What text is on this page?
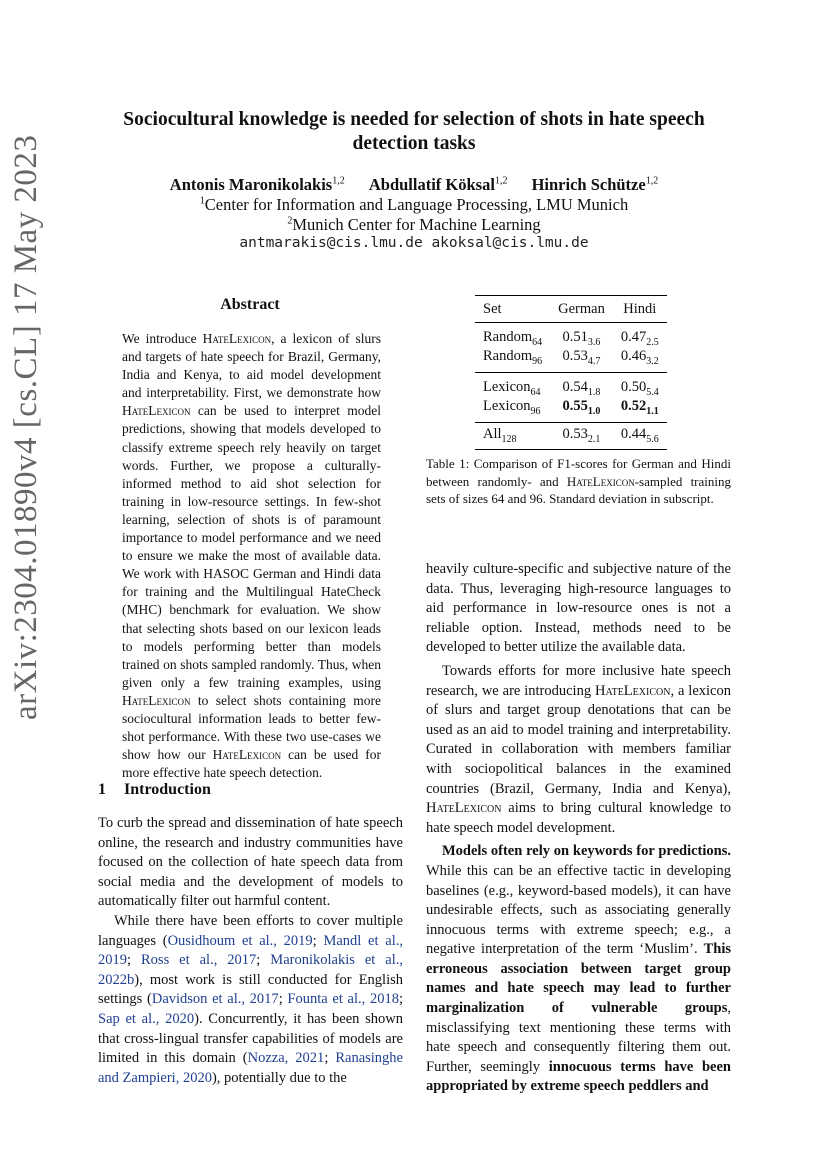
arXiv:2304.01890v4 [cs.CL] 17 May 2023
Sociocultural knowledge is needed for selection of shots in hate speech detection tasks
Antonis Maronikolakis$^{1,2}$ Abdullatif Köksal$^{1,2}$ Hinrich Schütze$^{1,2}$
$^1$Center for Information and Language Processing, LMU Munich
$^2$Munich Center for Machine Learning
antmarakis@cis.lmu.de akoksal@cis.lmu.de
Abstract
We introduce HateLexicon, a lexicon of slurs and targets of hate speech for Brazil, Germany, India and Kenya, to aid model development and interpretability. First, we demonstrate how HateLexicon can be used to interpret model predictions, showing that models developed to classify extreme speech rely heavily on target words. Further, we propose a culturally-informed method to aid shot selection for training in low-resource settings. In few-shot learning, selection of shots is of paramount importance to model performance and we need to ensure we make the most of available data. We work with HASOC German and Hindi data for training and the Multilingual HateCheck (MHC) benchmark for evaluation. We show that selecting shots based on our lexicon leads to models performing better than models trained on shots sampled randomly. Thus, when given only a few training examples, using HateLexicon to select shots containing more sociocultural information leads to better few-shot performance. With these two use-cases we show how our HateLexicon can be used for more effective hate speech detection.
1 Introduction

To curb the spread and dissemination of hate speech online, the research and industry communities have focused on the collection of hate speech data from social media and the development of models to automatically filter out harmful content.

While there have been efforts to cover multiple languages (Ousidhoum et al., 2019; Mandl et al., 2019; Ross et al., 2017; Maronikolakis et al., 2022b), most work is still conducted for English settings (Davidson et al., 2017; Founta et al., 2018; Sap et al., 2020). Concurrently, it has been shown that cross-lingual transfer capabilities of models are limited in this domain (Nozza, 2021; Ranasinghe and Zampieri, 2020), potentially due to the

Set	German	Hindi
Random$_{64}$	$0.51_{3.6}$	$0.47_{2.5}$
Random$_{96}$	$0.53_{4.7}$	$0.46_{3.2}$
Lexicon$_{64}$	$0.54_{1.8}$	$0.50_{5.4}$
Lexicon$_{96}$	$0.55_{1.0}$	$0.52_{1.1}$
All$_{128}$	$0.53_{2.1}$	$0.44_{5.6}$
Table 1: Comparison of F1-scores for German and Hindi between randomly- and HateLexicon-sampled training sets of sizes 64 and 96. Standard deviation in subscript.

heavily culture-specific and subjective nature of the data. Thus, leveraging high-resource languages to aid performance in low-resource ones is not a reliable option. Instead, methods need to be developed to better utilize the available data.

Towards efforts for more inclusive hate speech research, we are introducing HateLexicon, a lexicon of slurs and target group denotations that can be used as an aid to model training and interpretability. Curated in collaboration with members familiar with sociopolitical balances in the examined countries (Brazil, Germany, India and Kenya), HateLexicon aims to bring cultural knowledge to hate speech model development.

Models often rely on keywords for predictions. While this can be an effective tactic in developing baselines (e.g., keyword-based models), it can have undesirable effects, such as associating generally innocuous terms with extreme speech; e.g., a negative interpretation of the term ‘Muslim’. This erroneous association between target group names and hate speech may lead to further marginalization of vulnerable groups, misclassifying text mentioning these terms with hate speech and consequently filtering them out. Further, seemingly innocuous terms have been appropriated by extreme speech peddlers and
